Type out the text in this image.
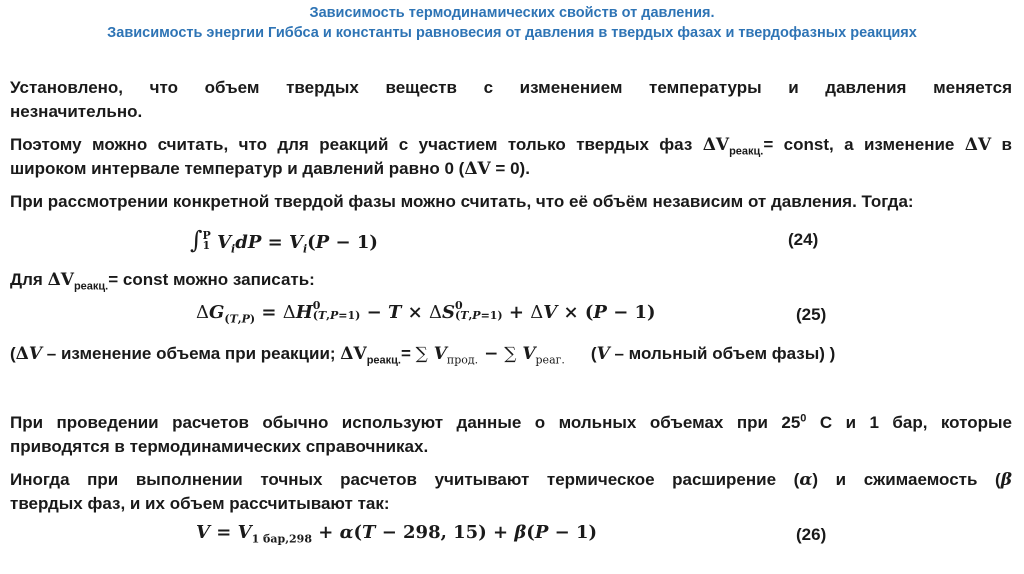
Зависимость термодинамических свойств от давления.
Зависимость энергии Гиббса и константы равновесия от давления в твердых фазах и твердофазных реакциях
Установлено, что объем твердых веществ с изменением температуры и давления меняется
незначительно.
Поэтому можно считать, что для реакций с участием только твердых фаз $\Delta V_{реакц.}=$ const, а изменение ΔV в
широком интервале температур и давлений равно 0 (ΔV = 0).
При рассмотрении конкретной твердой фазы можно считать, что её объём независим от давления. Тогда:
∫ P
1 $V_idP = V_i(P - 1)$	(24)
Для $\Delta V_{реакц.}=$ const можно записать:
$\Delta G_{(T,P)} = \Delta H$ 0
(T,P=1) − T × ΔS 0
(T,P=1) + ΔV × (P − 1)	(25)
(ΔV – изменение объема при реакции; $\Delta V_{реакц.}=$ ∑ $V_{прод.}$ − ∑ $V_{реаг.}$ (V – мольный объем фазы) )
При проведении расчетов обычно используют данные о мольных объемах при $25^0$ С и 1 бар, которые
приводятся в термодинамических справочниках.
Иногда при выполнении точных расчетов учитывают термическое расширение (α) и сжимаемость (β
твердых фаз, и их объем рассчитывают так:
$V = V_{1 бар,298} + \alpha(T - 298$, 15) + β(P − 1)	(26)
